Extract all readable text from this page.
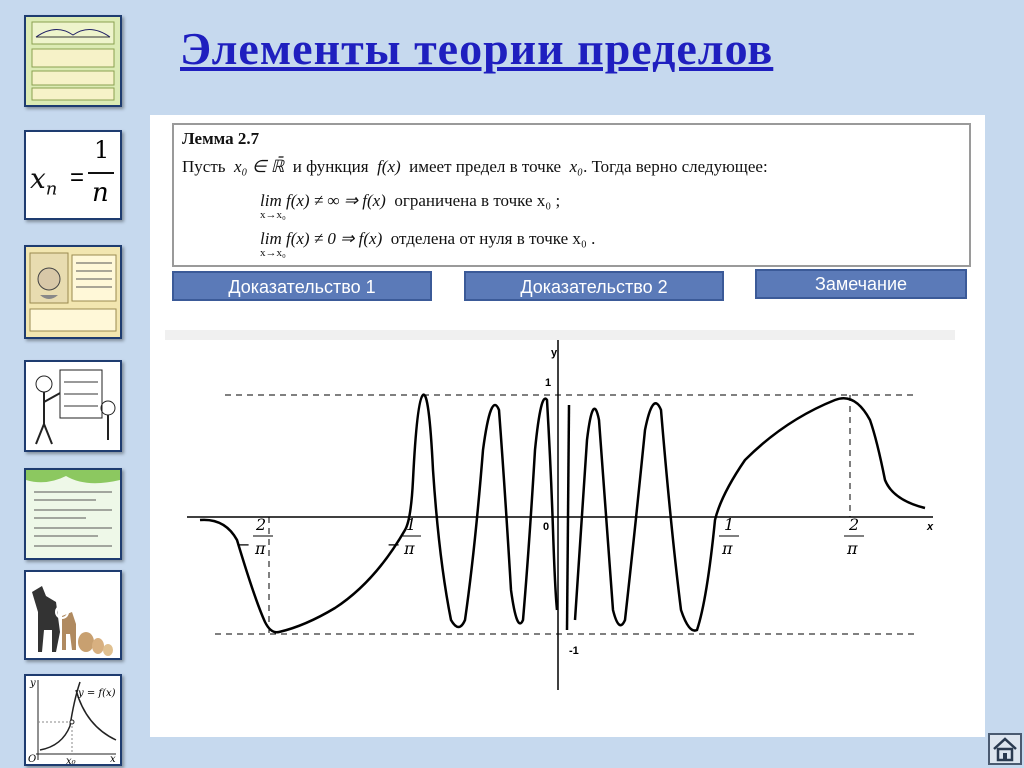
Элементы теории пределов
$x_n$ =
1
n
y = f(x)
O	x₀	x
y
Лемма 2.7
Пусть x₀ ∈ ℝ̄ и функция f(x) имеет предел в точке x₀. Тогда верно следующее:
lim f(x) ≠ ∞ ⇒ f(x) ограничена в точке x₀ ;
x→x₀
lim f(x) ≠ 0 ⇒ f(x) отделена от нуля в точке x₀ .
x→x₀
Доказательство 1	Доказательство 2	Замечание
y
x
1
-1
0
−
2
π	−
1
π
1
π
2
π
